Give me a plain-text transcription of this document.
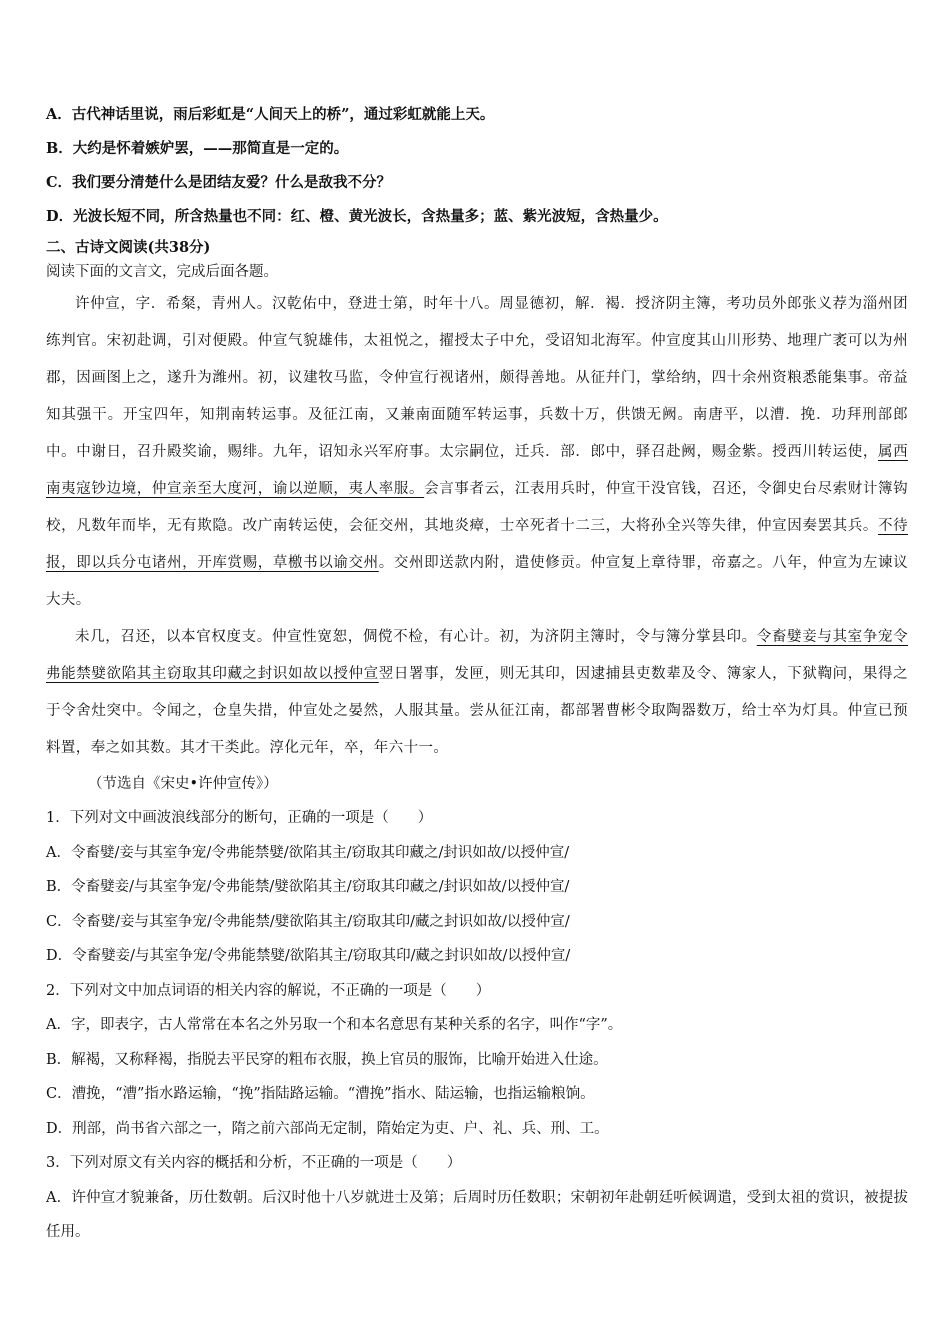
A．古代神话里说，雨后彩虹是“人间天上的桥”，通过彩虹就能上天。
B．大约是怀着嫉妒罢，——那简直是一定的。
C．我们要分清楚什么是团结友爱？什么是敌我不分？
D．光波长短不同，所含热量也不同：红、橙、黄光波长，含热量多；蓝、紫光波短，含热量少。
二、古诗文阅读(共38分)
阅读下面的文言文，完成后面各题。

许仲宣，字．希粲，青州人。汉乾佑中，登进士第，时年十八。周显德初，解．褐．授济阴主簿，考功员外郎张义荐为淄州团练判官。宋初赴调，引对便殿。仲宣气貌雄伟，太祖悦之，擢授太子中允，受诏知北海军。仲宣度其山川形势、地理广袤可以为州郡，因画图上之，遂升为潍州。初，议建牧马监，令仲宣行视诸州，颇得善地。从征幷门，掌给纳，四十余州资粮悉能集事。帝益知其强干。开宝四年，知荆南转运事。及征江南，又兼南面随军转运事，兵数十万，供馈无阙。南唐平，以漕．挽．功拜刑部郎中。中谢日，召升殿奖谕，赐绯。九年，诏知永兴军府事。太宗嗣位，迁兵．部．郎中，驿召赴阙，赐金紫。授西川转运使，属西南夷寇钞边境，仲宣亲至大度河，谕以逆顺，夷人率服。会言事者云，江表用兵时，仲宣干没官钱，召还，令御史台尽索财计簿钩校，凡数年而毕，无有欺隐。改广南转运使，会征交州，其地炎瘴，士卒死者十二三，大将孙全兴等失律，仲宣因奏罢其兵。不待报，即以兵分屯诸州，开库赏赐，草檄书以谕交州。交州即送款内附，遣使修贡。仲宣复上章待罪，帝嘉之。八年，仲宣为左谏议大夫。

未几，召还，以本官权度支。仲宣性宽恕，倜傥不检，有心计。初，为济阴主簿时，令与簿分掌县印。令畜嬖妾与其室争宠令弗能禁嬖欲陷其主窃取其印藏之封识如故以授仲宣翌日署事，发匣，则无其印，因逮捕县吏数辈及令、簿家人，下狱鞫问，果得之于令舍灶突中。令闻之，仓皇失措，仲宣处之晏然，人服其量。尝从征江南，都部署曹彬令取陶器数万，给士卒为灯具。仲宣已预料置，奉之如其数。其才干类此。淳化元年，卒，年六十一。

（节选自《宋史•许仲宣传》）
1．下列对文中画波浪线部分的断句，正确的一项是（　　）
A．令畜嬖/妾与其室争宠/令弗能禁嬖/欲陷其主/窃取其印藏之/封识如故/以授仲宣/
B．令畜嬖妾/与其室争宠/令弗能禁/嬖欲陷其主/窃取其印藏之/封识如故/以授仲宣/
C．令畜嬖/妾与其室争宠/令弗能禁/嬖欲陷其主/窃取其印/藏之封识如故/以授仲宣/
D．令畜嬖妾/与其室争宠/令弗能禁嬖/欲陷其主/窃取其印/藏之封识如故/以授仲宣/
2．下列对文中加点词语的相关内容的解说，不正确的一项是（　　）
A．字，即表字，古人常常在本名之外另取一个和本名意思有某种关系的名字，叫作“字”。
B．解褐，又称释褐，指脱去平民穿的粗布衣服，换上官员的服饰，比喻开始进入仕途。
C．漕挽，“漕”指水路运输，“挽”指陆路运输。“漕挽”指水、陆运输，也指运输粮饷。
D．刑部，尚书省六部之一，隋之前六部尚无定制，隋始定为吏、户、礼、兵、刑、工。
3．下列对原文有关内容的概括和分析，不正确的一项是（　　）
A．许仲宣才貌兼备，历仕数朝。后汉时他十八岁就进士及第；后周时历任数职；宋朝初年赴朝廷听候调遣，受到太祖的赏识，被提拔任用。
